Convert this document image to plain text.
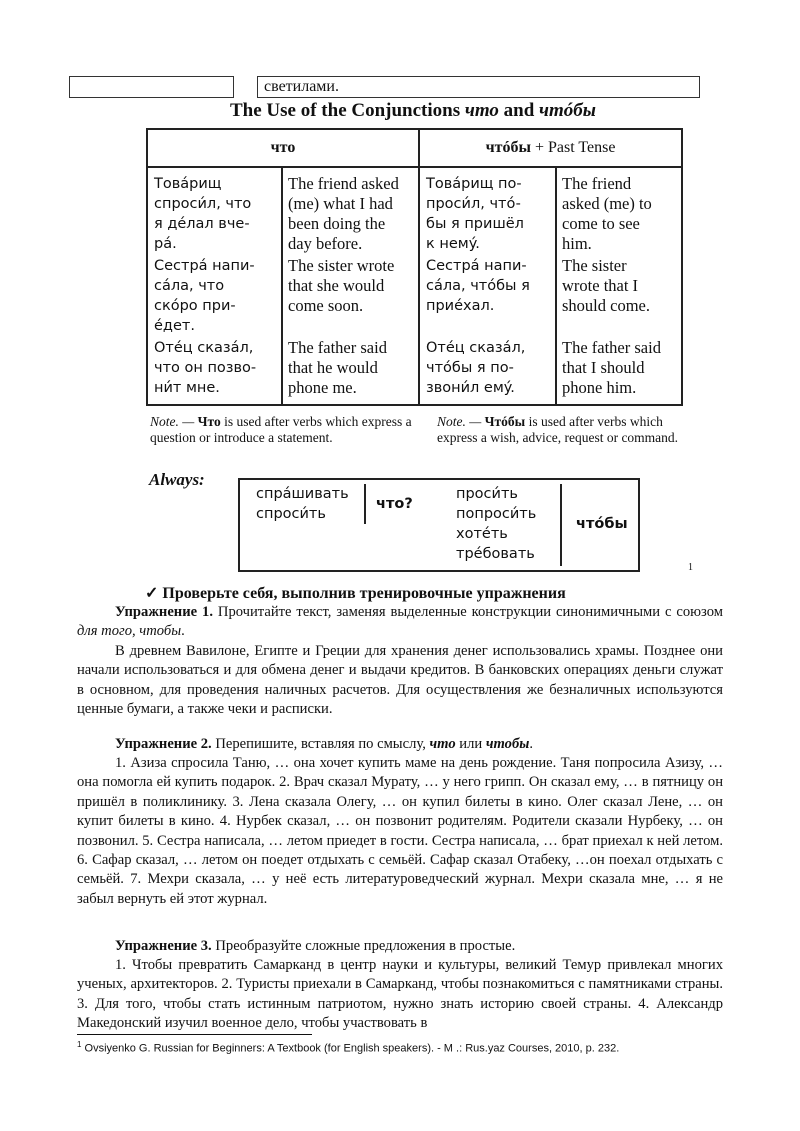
светилами.
The Use of the Conjunctions что and чтóбы
что	чтóбы + Past Tense
Товáрищ
спроси́л, что
я дéлал вче-
рá.
Сестрá напи-
сáла, что
скóро при-
éдет.
Отéц сказáл,
что он позво-
ни́т мне.
The friend asked
(me) what I had
been doing the
day before.
The sister wrote
that she would
come soon.
The father said
that he would
phone me.
Товáрищ по-
проси́л, чтó-
бы я пришёл
к немý.
Сестрá напи-
сáла, чтóбы я
приéхал.
Отéц сказáл,
чтóбы я по-
звони́л емý.
The friend
asked (me) to
come to see
him.
The sister
wrote that I
should come.
The father said
that I should
phone him.
Note. — Что is used after verbs which express a question or introduce a statement.
Note. — Чтóбы is used after verbs which express a wish, advice, request or command.
Always:
спрáшивать
спроси́ть
что?
проси́ть
попроси́ть
хотéть
трéбовать
чтóбы
1
✓ Проверьте себя, выполнив тренировочные упражнения
Упражнение 1. Прочитайте текст, заменяя выделенные конструкции синонимичными с союзом для того, чтобы.
В древнем Вавилоне, Египте и Греции для хранения денег использовались храмы. Позднее они начали использоваться и для обмена денег и выдачи кредитов. В банковских операциях деньги служат в основном, для проведения наличных расчетов. Для осуществления же безналичных используются ценные бумаги, а также чеки и расписки.
Упражнение 2. Перепишите, вставляя по смыслу, что или чтобы.
1. Азиза спросила Таню, … она хочет купить маме на день рождение. Таня попросила Азизу, … она помогла ей купить подарок. 2. Врач сказал Мурату, … у него грипп. Он сказал ему, … в пятницу он пришёл в поликлинику. 3. Лена сказала Олегу, … он купил билеты в кино. Олег сказал Лене, … он купит билеты в кино. 4. Нурбек сказал, … он позвонит родителям. Родители сказали Нурбеку, … он позвонил. 5. Сестра написала, … летом приедет в гости. Сестра написала, … брат приехал к ней летом. 6. Сафар сказал, … летом он поедет отдыхать с семьёй. Сафар сказал Отабеку, …он поехал отдыхать с семьёй. 7. Мехри сказала, … у неё есть литературоведческий журнал. Мехри сказала мне, … я не забыл вернуть ей этот журнал.
Упражнение 3. Преобразуйте сложные предложения в простые.
1. Чтобы превратить Самарканд в центр науки и культуры, великий Темур привлекал многих ученых, архитекторов. 2. Туристы приехали в Самарканд, чтобы познакомиться с памятниками страны. 3. Для того, чтобы стать истинным патриотом, нужно знать историю своей страны. 4. Александр Македонский изучил военное дело, чтобы участвовать в
$^1$ Ovsiyenko G. Russian for Beginners: A Textbook (for English speakers). - M .: Rus.yaz Courses, 2010, p. 232.
